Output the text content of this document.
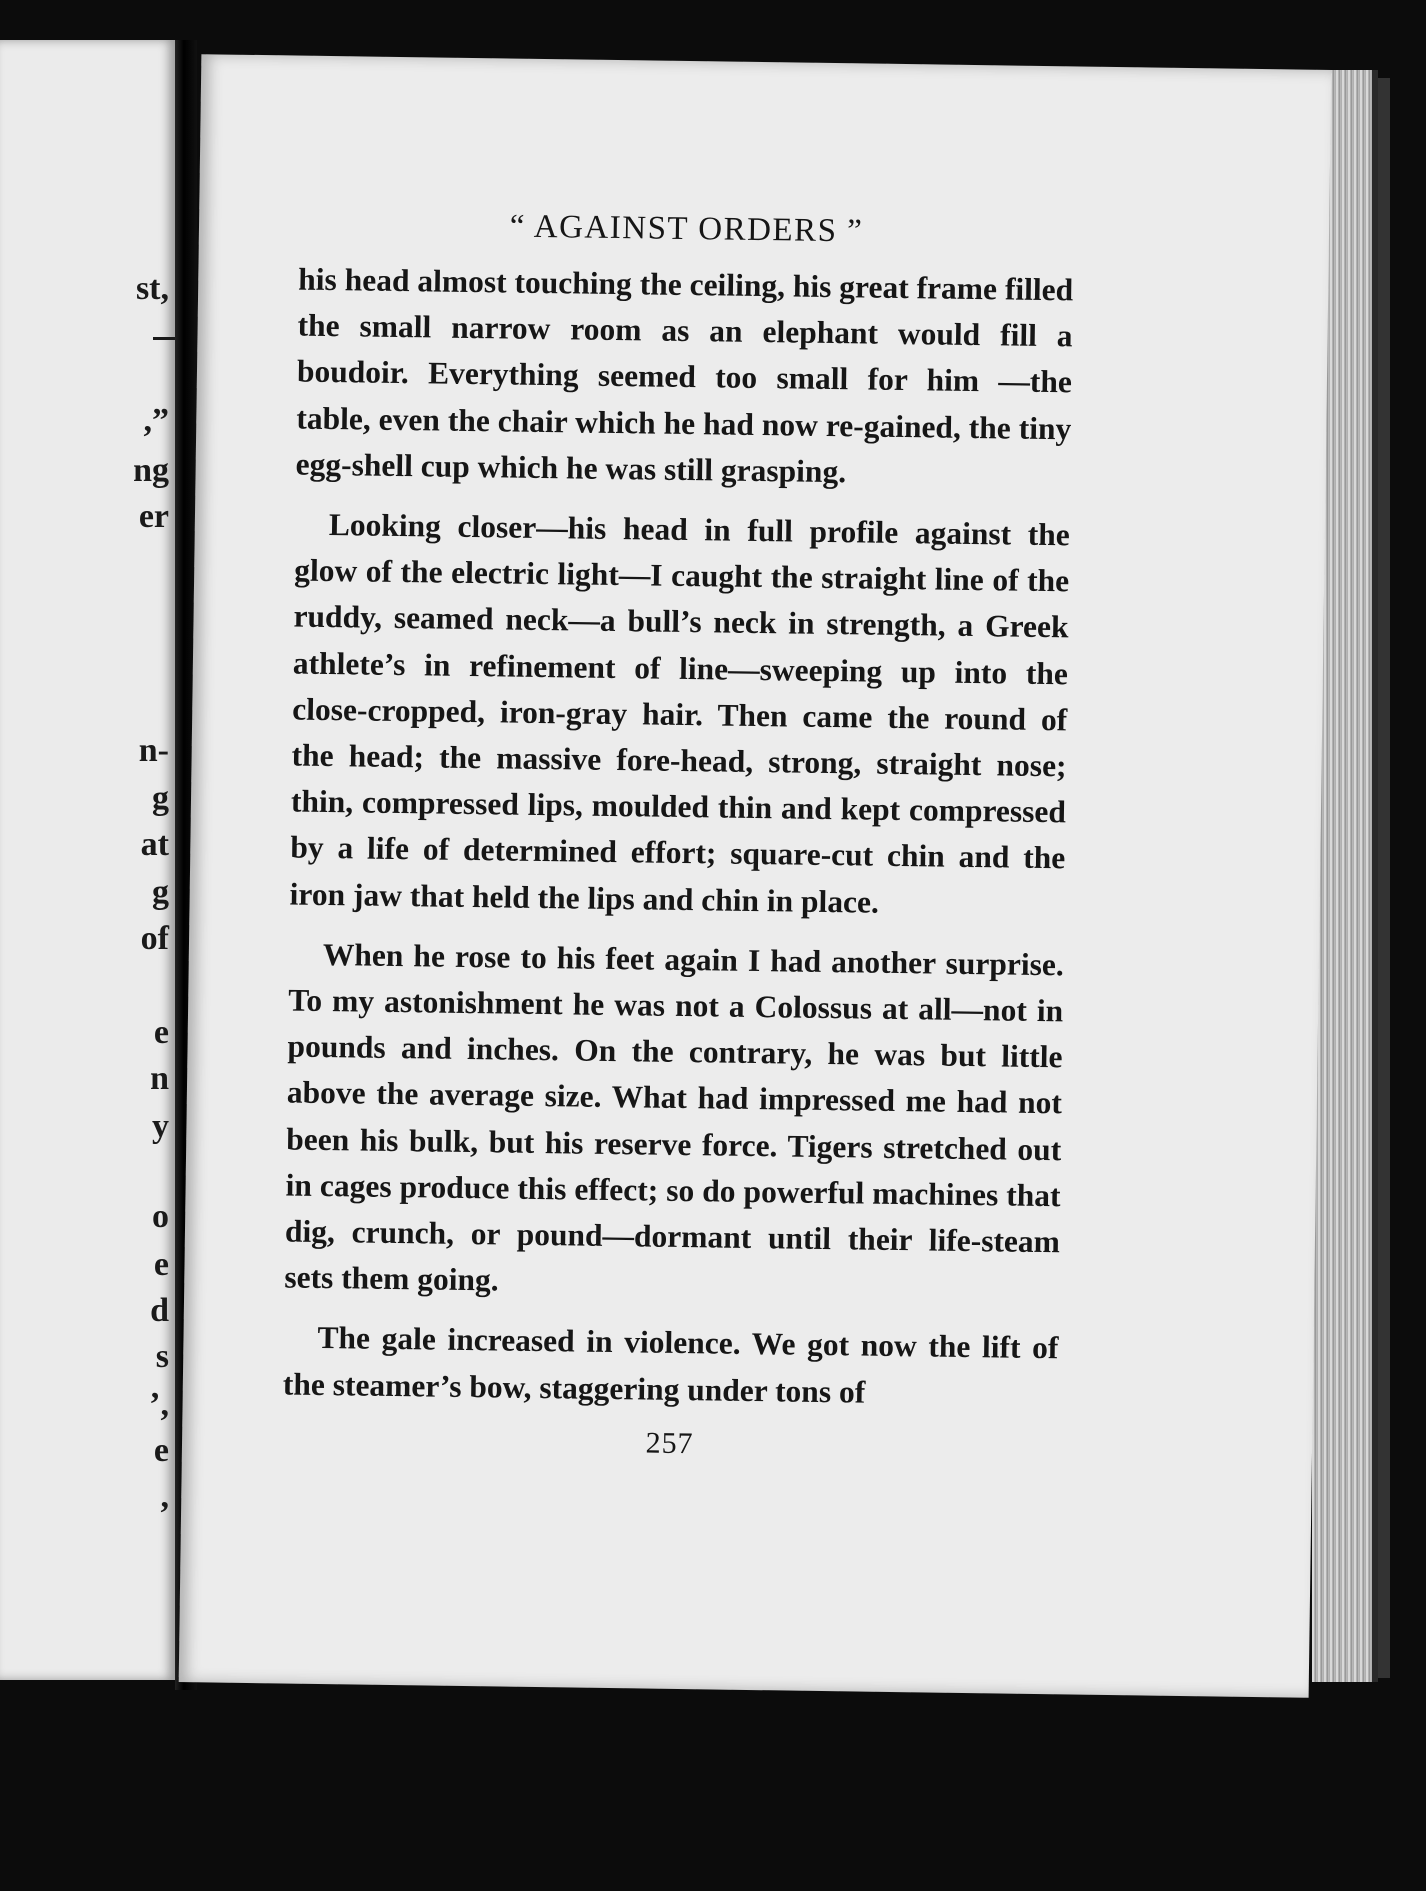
st,
,”
ng
er
n-
g
at
g
of
e
n
y
o
e
d
s
’,
e
,
“ AGAINST ORDERS ”

his head almost touching the ceiling, his great frame filled the small narrow room as an elephant would fill a boudoir. Everything seemed too small for him —the table, even the chair which he had now re-gained, the tiny egg-shell cup which he was still grasping.

Looking closer—his head in full profile against the glow of the electric light—I caught the straight line of the ruddy, seamed neck—a bull’s neck in strength, a Greek athlete’s in refinement of line—sweeping up into the close-cropped, iron-gray hair. Then came the round of the head; the massive fore-head, strong, straight nose; thin, compressed lips, moulded thin and kept compressed by a life of determined effort; square-cut chin and the iron jaw that held the lips and chin in place.

When he rose to his feet again I had another surprise. To my astonishment he was not a Colossus at all—not in pounds and inches. On the contrary, he was but little above the average size. What had impressed me had not been his bulk, but his reserve force. Tigers stretched out in cages produce this effect; so do powerful machines that dig, crunch, or pound—dormant until their life-steam sets them going.

The gale increased in violence. We got now the lift of the steamer’s bow, staggering under tons of

257
